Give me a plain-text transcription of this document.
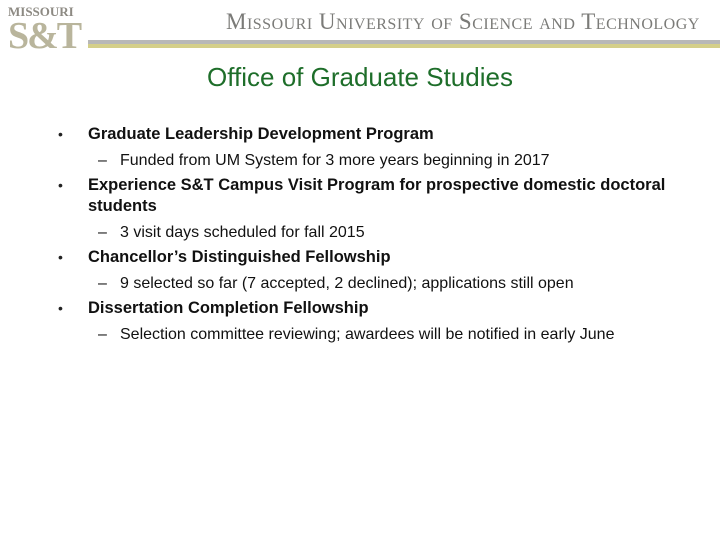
MISSOURI
S&T	Missouri University of Science and Technology
Office of Graduate Studies
• Graduate Leadership Development Program
– Funded from UM System for 3 more years beginning in 2017
• Experience S&T Campus Visit Program for prospective domestic doctoral students
– 3 visit days scheduled for fall 2015
• Chancellor’s Distinguished Fellowship
– 9 selected so far (7 accepted, 2 declined); applications still open
• Dissertation Completion Fellowship
– Selection committee reviewing; awardees will be notified in early June
